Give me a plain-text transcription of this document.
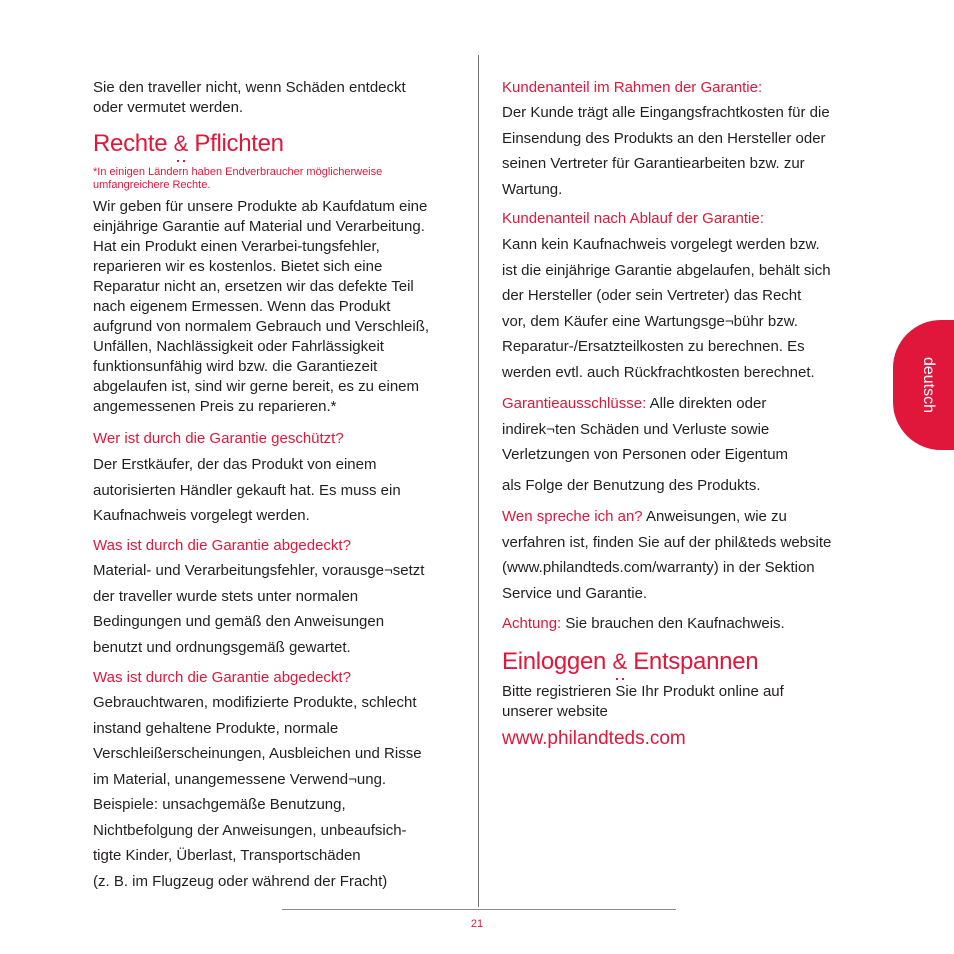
Sie den traveller nicht, wenn Schäden entdeckt
oder vermutet werden.

Rechte & Pflichten

*In einigen Ländern haben Endverbraucher möglicherweise
umfangreichere Rechte.

Wir geben für unsere Produkte ab Kaufdatum eine
einjährige Garantie auf Material und Verarbeitung.
Hat ein Produkt einen Verarbei-tungsfehler,
reparieren wir es kostenlos. Bietet sich eine
Reparatur nicht an, ersetzen wir das defekte Teil
nach eigenem Ermessen. Wenn das Produkt
aufgrund von normalem Gebrauch und Verschleiß,
Unfällen, Nachlässigkeit oder Fahrlässigkeit
funktionsunfähig wird bzw. die Garantiezeit
abgelaufen ist, sind wir gerne bereit, es zu einem
angemessenen Preis zu reparieren.*

Wer ist durch die Garantie geschützt?

Der Erstkäufer, der das Produkt von einem
autorisierten Händler gekauft hat. Es muss ein
Kaufnachweis vorgelegt werden.

Was ist durch die Garantie abgedeckt?

Material- und Verarbeitungsfehler, vorausge¬setzt
der traveller wurde stets unter normalen
Bedingungen und gemäß den Anweisungen
benutzt und ordnungsgemäß gewartet.

Was ist durch die Garantie abgedeckt?

Gebrauchtwaren, modifizierte Produkte, schlecht
instand gehaltene Produkte, normale
Verschleißerscheinungen, Ausbleichen und Risse
im Material, unangemessene Verwend¬ung.
Beispiele: unsachgemäße Benutzung,
Nichtbefolgung der Anweisungen, unbeaufsich-
tigte Kinder, Überlast, Transportschäden
(z. B. im Flugzeug oder während der Fracht)

Kundenanteil im Rahmen der Garantie:

Der Kunde trägt alle Eingangsfrachtkosten für die
Einsendung des Produkts an den Hersteller oder
seinen Vertreter für Garantiearbeiten bzw. zur
Wartung.

Kundenanteil nach Ablauf der Garantie:

Kann kein Kaufnachweis vorgelegt werden bzw.
ist die einjährige Garantie abgelaufen, behält sich
der Hersteller (oder sein Vertreter) das Recht
vor, dem Käufer eine Wartungsge¬bühr bzw.
Reparatur-/Ersatzteilkosten zu berechnen. Es
werden evtl. auch Rückfrachtkosten berechnet.

Garantieausschlüsse: Alle direkten oder
indirek¬ten Schäden und Verluste sowie
Verletzungen von Personen oder Eigentum

als Folge der Benutzung des Produkts.

Wen spreche ich an? Anweisungen, wie zu
verfahren ist, finden Sie auf der phil&teds website
(www.philandteds.com/warranty) in der Sektion
Service und Garantie.

Achtung: Sie brauchen den Kaufnachweis.

Einloggen & Entspannen

Bitte registrieren Sie Ihr Produkt online auf
unserer website

www.philandteds.com

deutsch
21
